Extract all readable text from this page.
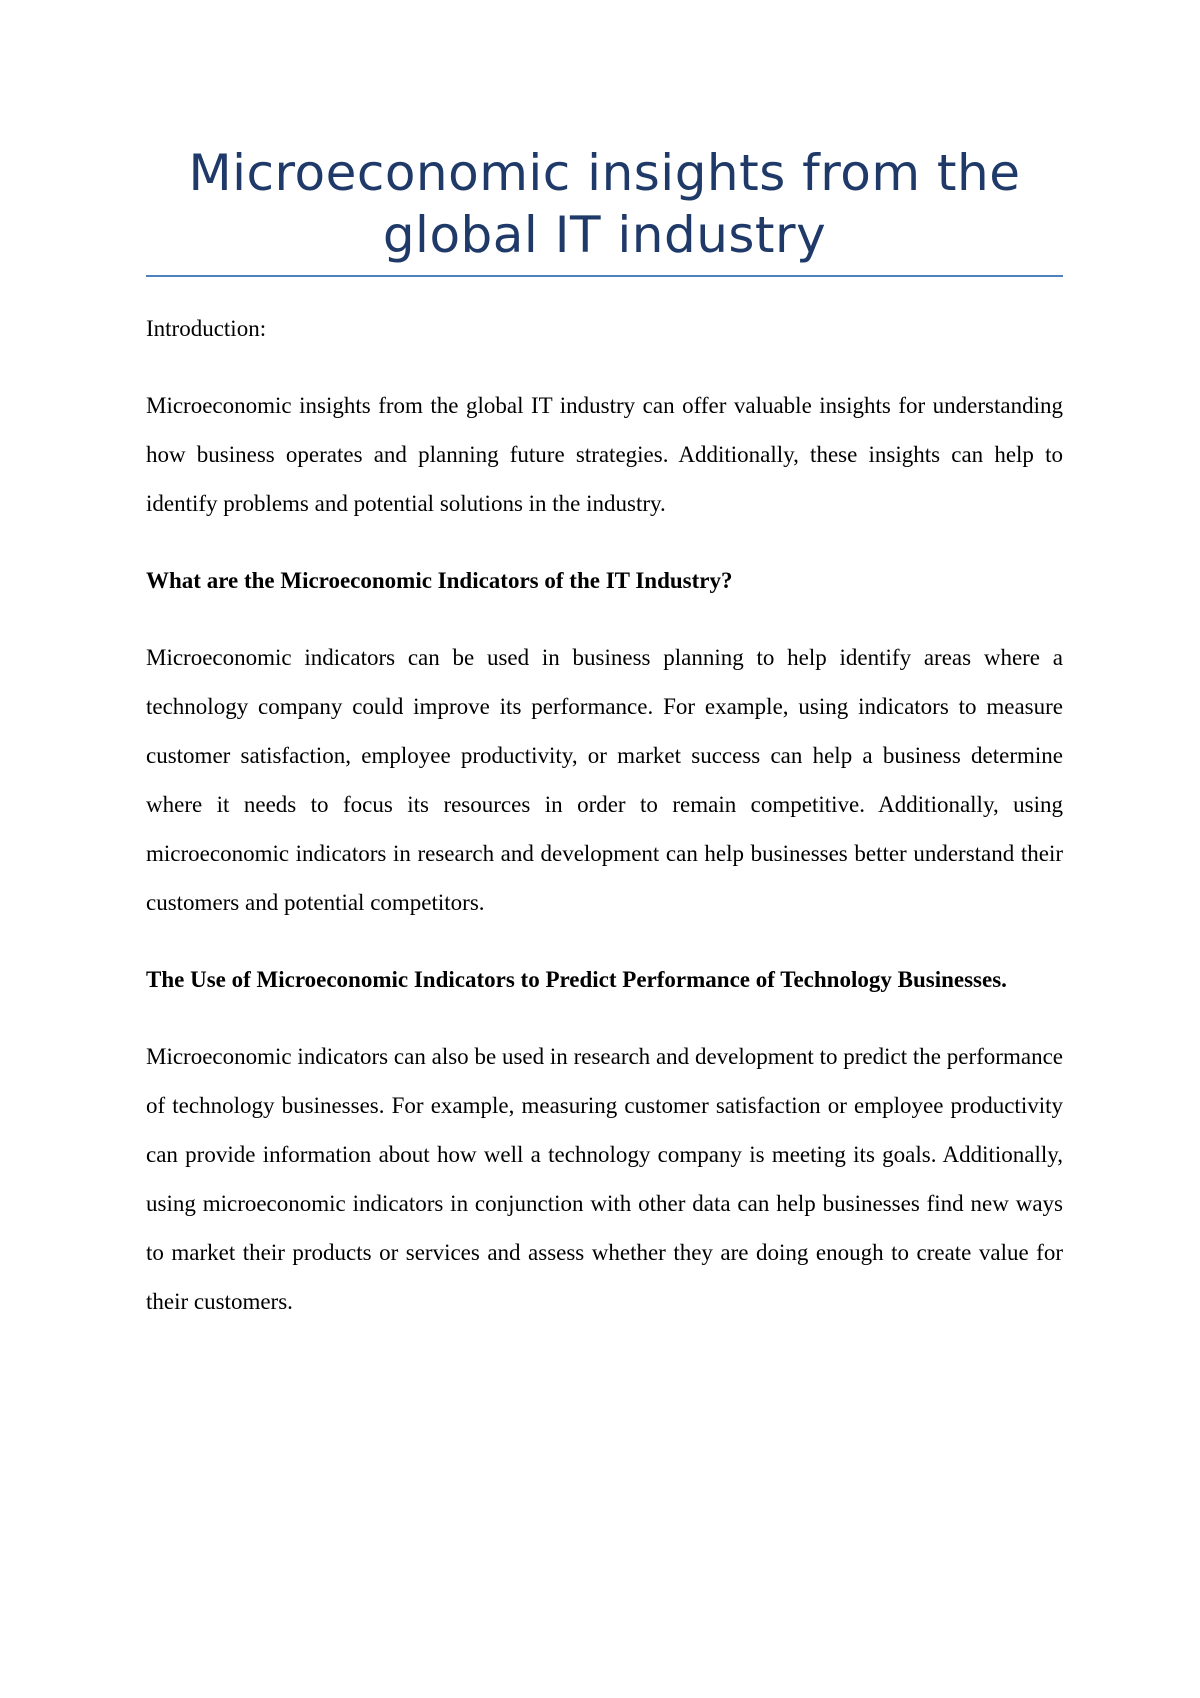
Microeconomic insights from the global IT industry

Introduction:

Microeconomic insights from the global IT industry can offer valuable insights for understanding how business operates and planning future strategies. Additionally, these insights can help to identify problems and potential solutions in the industry.

What are the Microeconomic Indicators of the IT Industry?

Microeconomic indicators can be used in business planning to help identify areas where a technology company could improve its performance. For example, using indicators to measure customer satisfaction, employee productivity, or market success can help a business determine where it needs to focus its resources in order to remain competitive. Additionally, using microeconomic indicators in research and development can help businesses better understand their customers and potential competitors.

The Use of Microeconomic Indicators to Predict Performance of Technology Businesses.

Microeconomic indicators can also be used in research and development to predict the performance of technology businesses. For example, measuring customer satisfaction or employee productivity can provide information about how well a technology company is meeting its goals. Additionally, using microeconomic indicators in conjunction with other data can help businesses find new ways to market their products or services and assess whether they are doing enough to create value for their customers.
